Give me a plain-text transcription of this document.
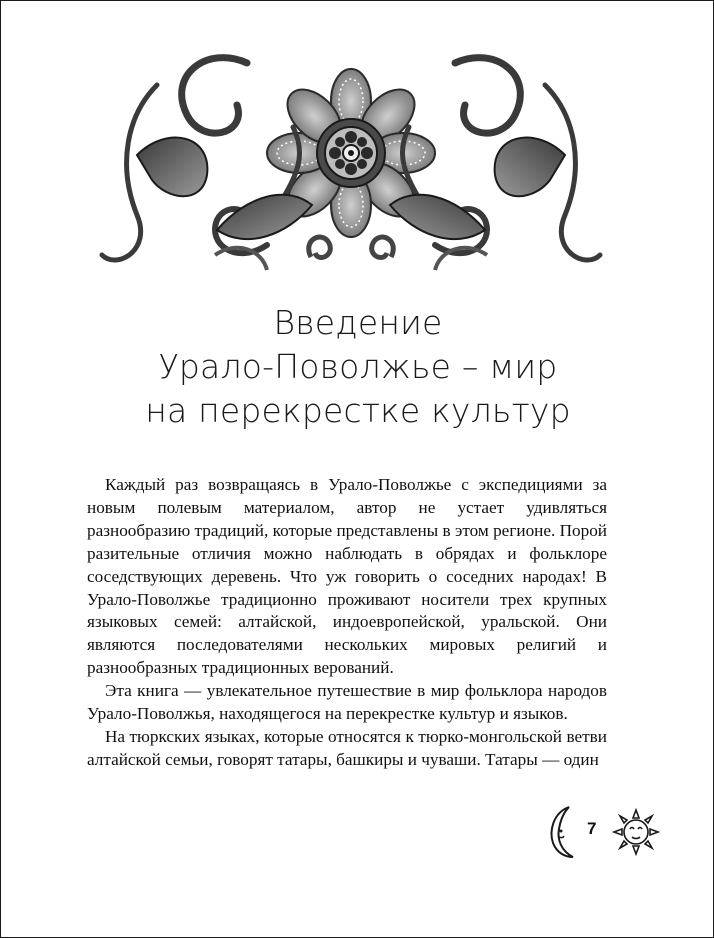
Введение
Урало-Поволжье – мир
на перекрестке культур

Каждый раз возвращаясь в Урало-Поволжье с экспедициями за новым полевым материалом, автор не устает удивляться разнообразию традиций, которые представлены в этом регионе. Порой разительные отличия можно наблюдать в обрядах и фольклоре соседствующих деревень. Что уж говорить о соседних народах! В Урало-Поволжье традиционно проживают носители трех крупных языковых семей: алтайской, индоевропейской, уральской. Они являются последователями нескольких мировых религий и разнообразных традиционных верований.

Эта книга — увлекательное путешествие в мир фольклора народов Урало-Поволжья, находящегося на перекрестке культур и языков.

На тюркских языках, которые относятся к тюрко-монгольской ветви алтайской семьи, говорят татары, башкиры и чуваши. Татары — один

7
